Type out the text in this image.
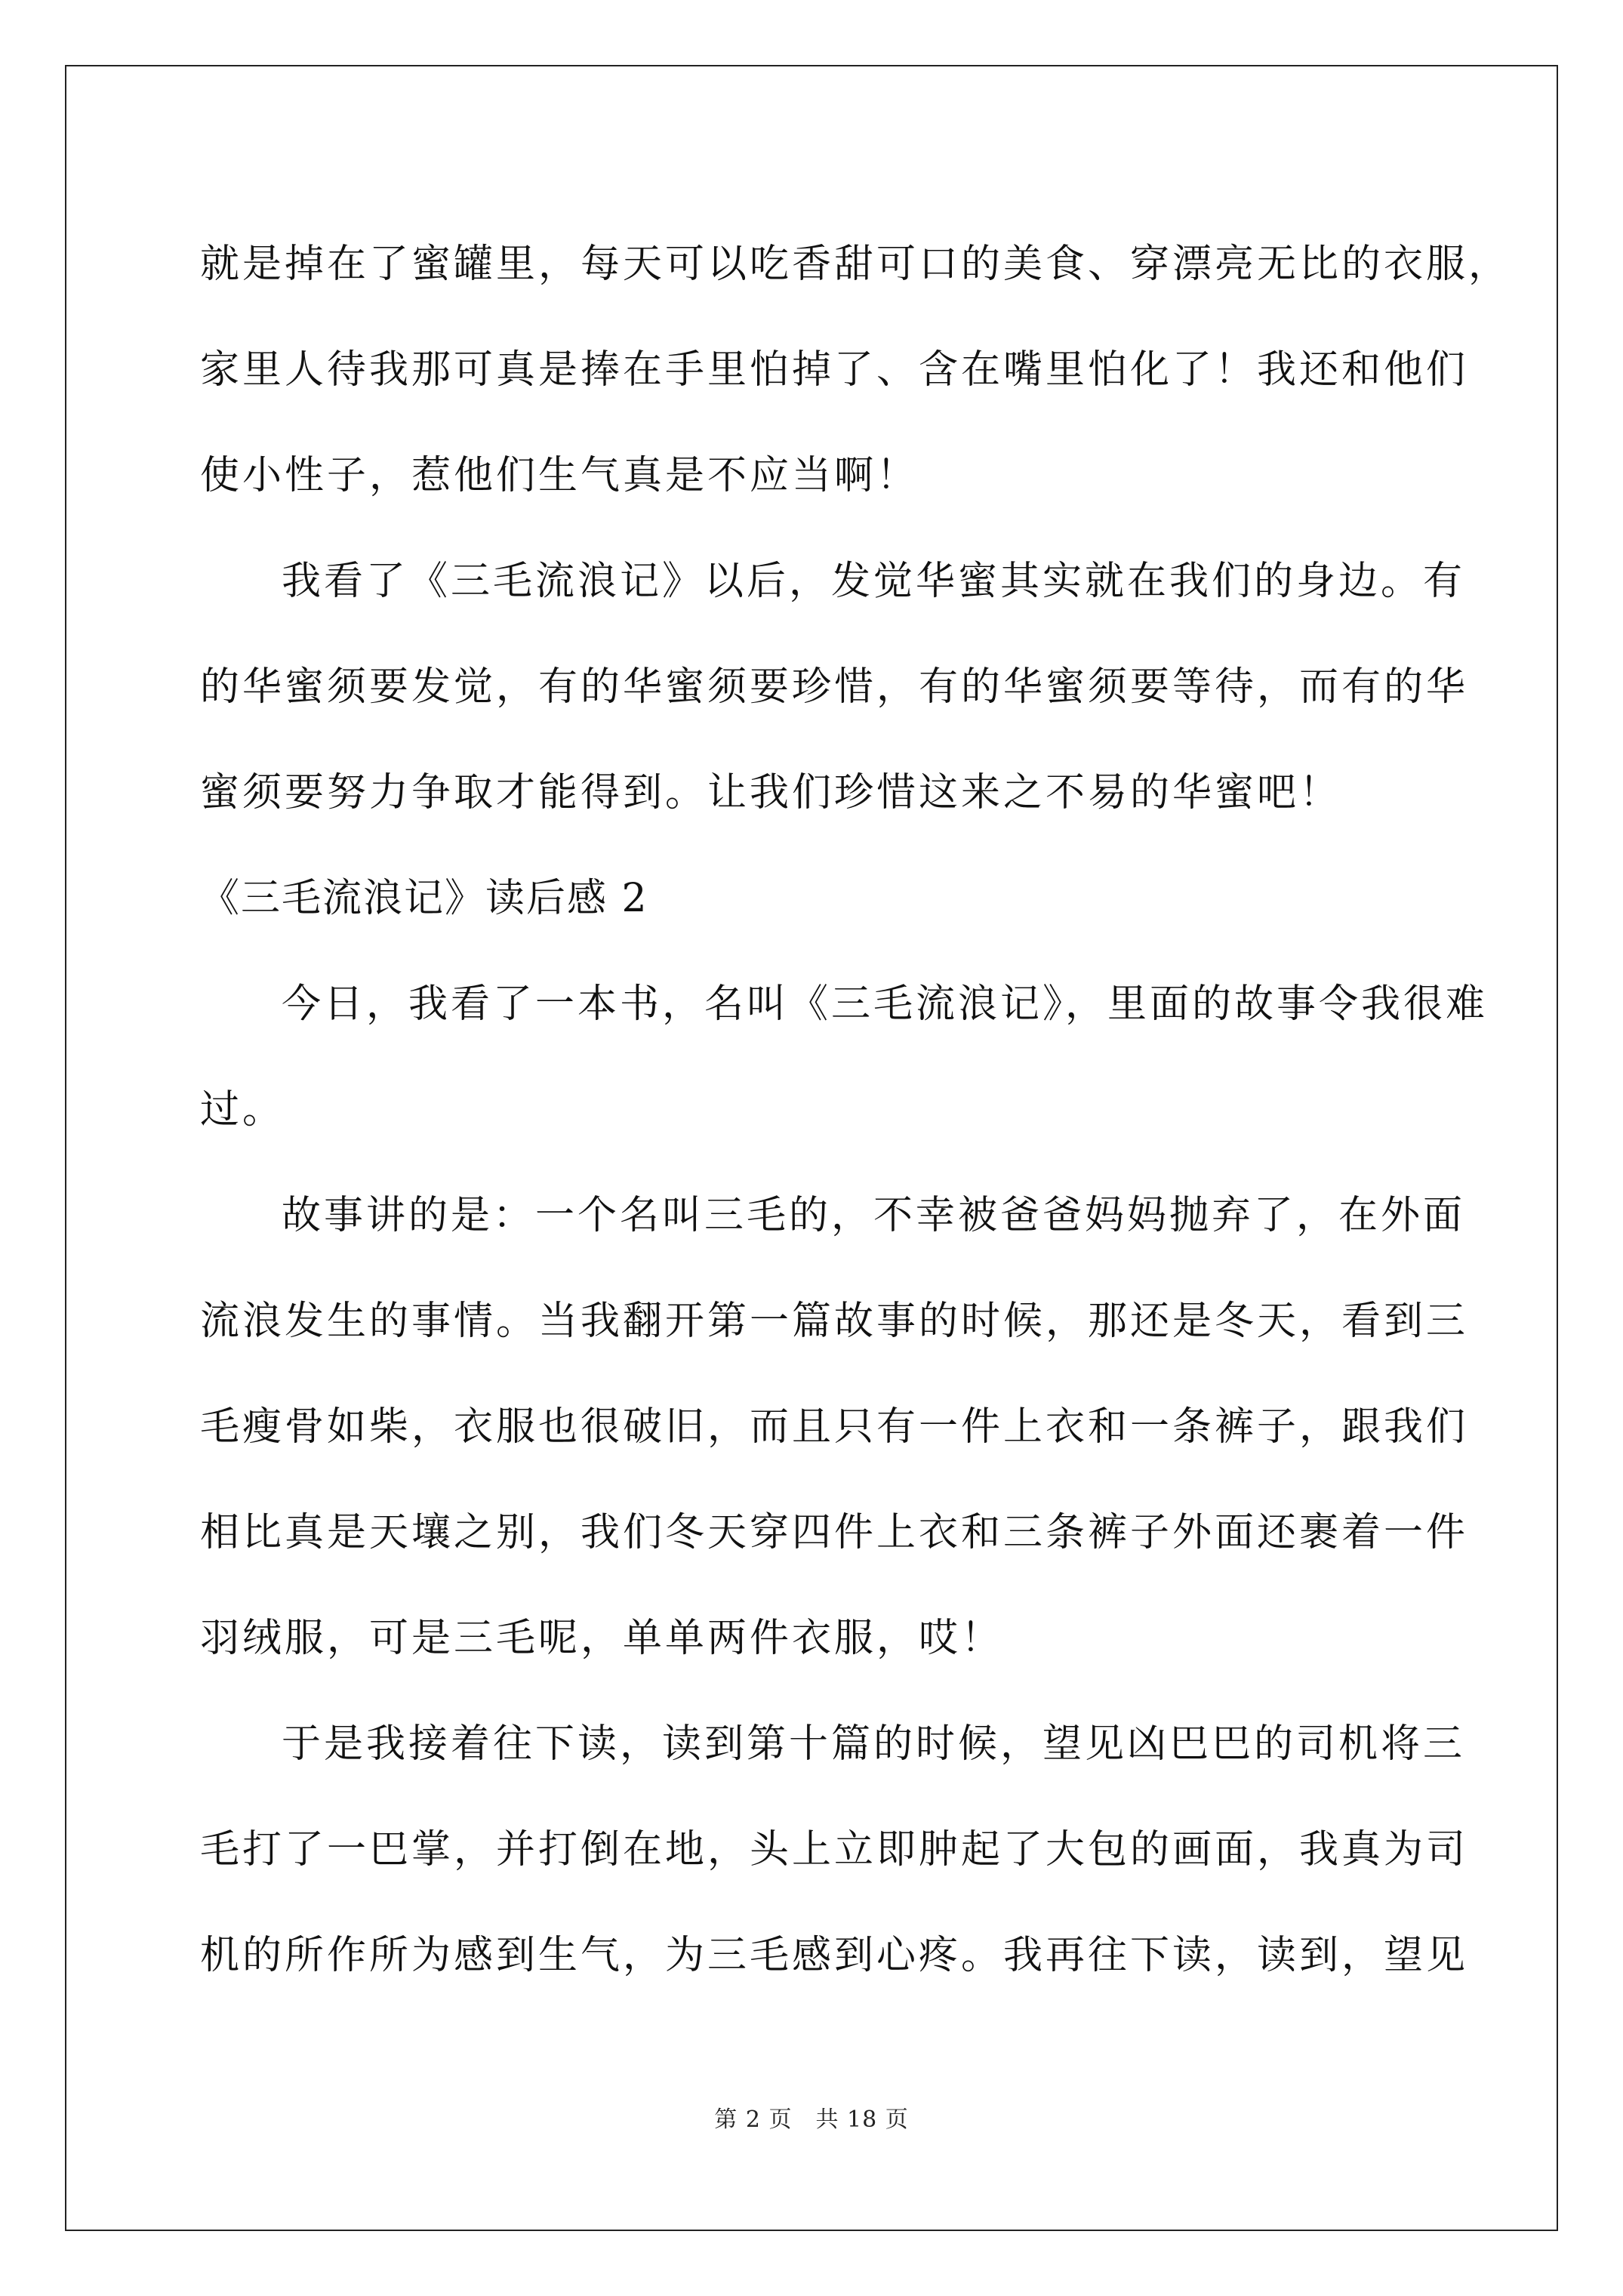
就是掉在了蜜罐里，每天可以吃香甜可口的美食、穿漂亮无比的衣服，
家里人待我那可真是捧在手里怕掉了、含在嘴里怕化了！我还和他们
使小性子，惹他们生气真是不应当啊！
我看了《三毛流浪记》以后，发觉华蜜其实就在我们的身边。有
的华蜜须要发觉，有的华蜜须要珍惜，有的华蜜须要等待，而有的华
蜜须要努力争取才能得到。让我们珍惜这来之不易的华蜜吧！
《三毛流浪记》读后感 2
今日，我看了一本书，名叫《三毛流浪记》，里面的故事令我很难
过。
故事讲的是：一个名叫三毛的，不幸被爸爸妈妈抛弃了，在外面
流浪发生的事情。当我翻开第一篇故事的时候，那还是冬天，看到三
毛瘦骨如柴，衣服也很破旧，而且只有一件上衣和一条裤子，跟我们
相比真是天壤之别，我们冬天穿四件上衣和三条裤子外面还裹着一件
羽绒服，可是三毛呢，单单两件衣服，哎！
于是我接着往下读，读到第十篇的时候，望见凶巴巴的司机将三
毛打了一巴掌，并打倒在地，头上立即肿起了大包的画面，我真为司
机的所作所为感到生气，为三毛感到心疼。我再往下读，读到，望见
第 2 页　共 18 页
